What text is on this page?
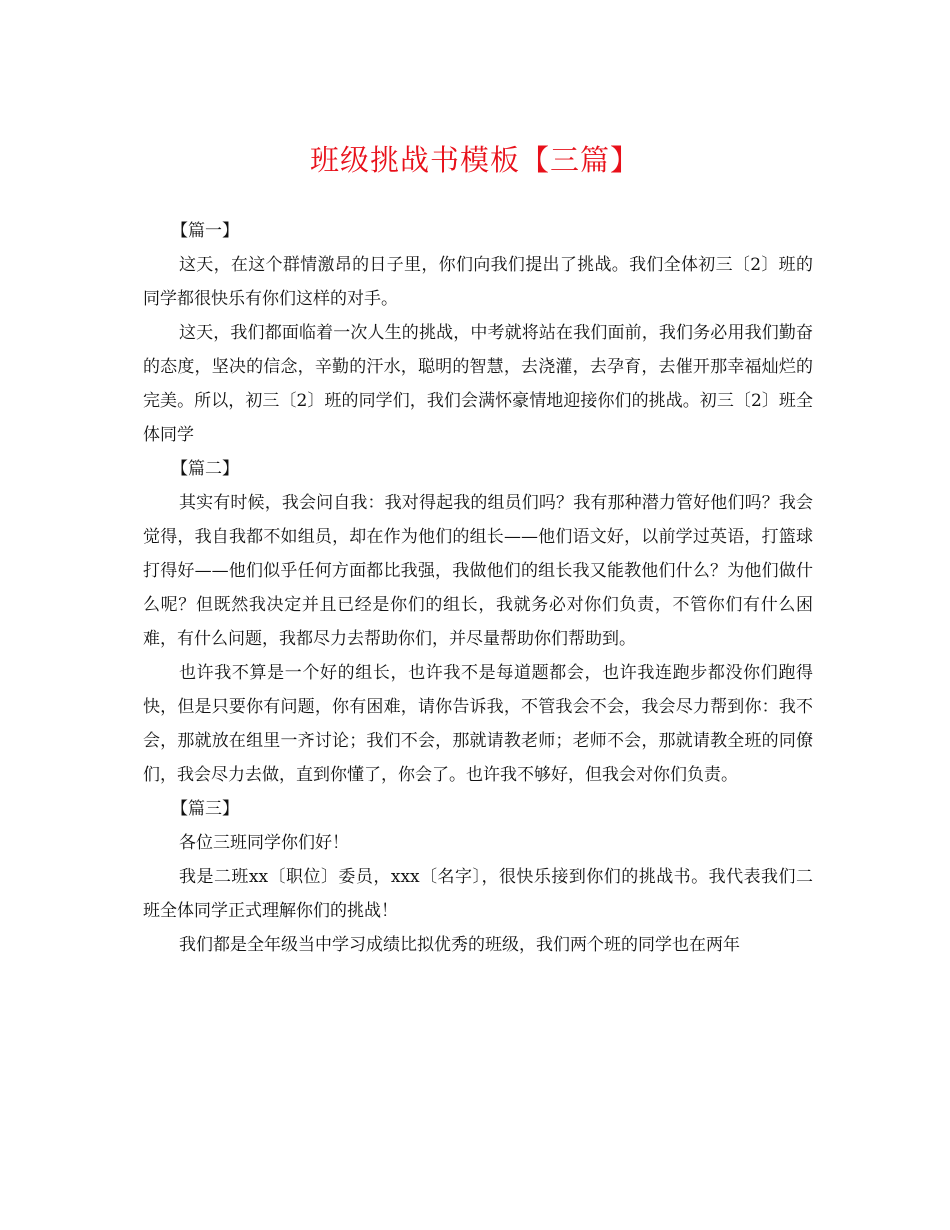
班级挑战书模板【三篇】

【篇一】

这天，在这个群情激昂的日子里，你们向我们提出了挑战。我们全体初三〔2〕班的同学都很快乐有你们这样的对手。

这天，我们都面临着一次人生的挑战，中考就将站在我们面前，我们务必用我们勤奋的态度，坚决的信念，辛勤的汗水，聪明的智慧，去浇灌，去孕育，去催开那幸福灿烂的完美。所以，初三〔2〕班的同学们，我们会满怀豪情地迎接你们的挑战。初三〔2〕班全体同学

【篇二】

其实有时候，我会问自我：我对得起我的组员们吗？我有那种潜力管好他们吗？我会觉得，我自我都不如组员，却在作为他们的组长——他们语文好，以前学过英语，打篮球打得好——他们似乎任何方面都比我强，我做他们的组长我又能教他们什么？为他们做什么呢？但既然我决定并且已经是你们的组长，我就务必对你们负责，不管你们有什么困难，有什么问题，我都尽力去帮助你们，并尽量帮助你们帮助到。

也许我不算是一个好的组长，也许我不是每道题都会，也许我连跑步都没你们跑得快，但是只要你有问题，你有困难，请你告诉我，不管我会不会，我会尽力帮到你：我不会，那就放在组里一齐讨论；我们不会，那就请教老师；老师不会，那就请教全班的同僚们，我会尽力去做，直到你懂了，你会了。也许我不够好，但我会对你们负责。

【篇三】

各位三班同学你们好！

我是二班xx〔职位〕委员，xxx〔名字〕，很快乐接到你们的挑战书。我代表我们二班全体同学正式理解你们的挑战！

我们都是全年级当中学习成绩比拟优秀的班级，我们两个班的同学也在两年
